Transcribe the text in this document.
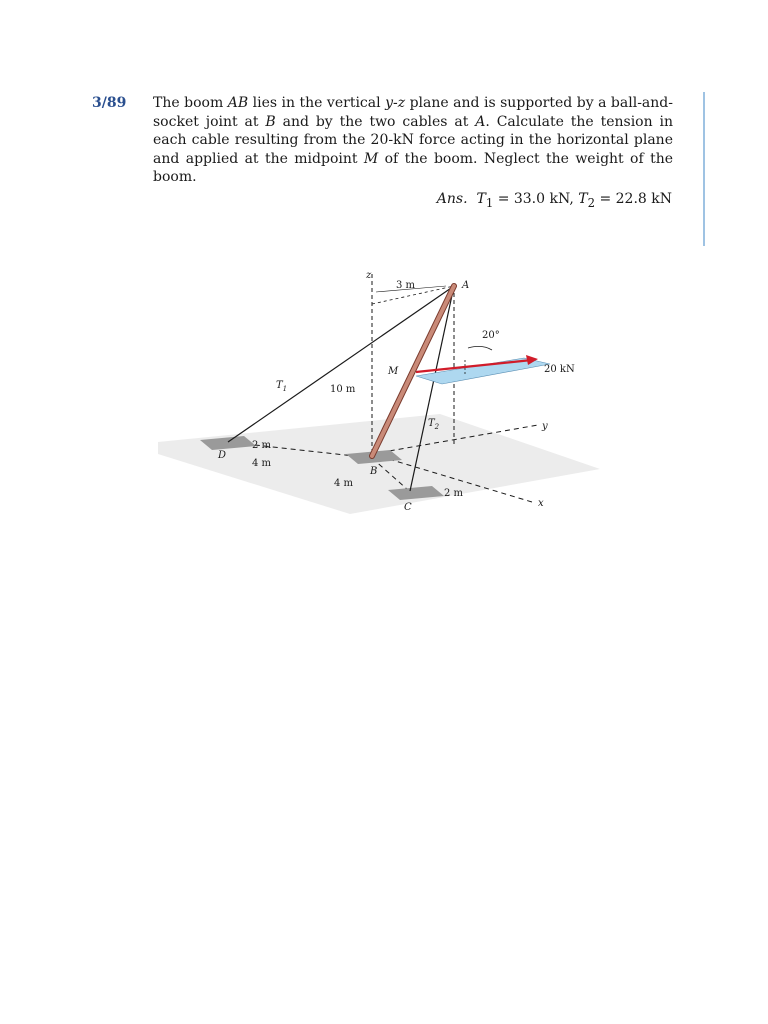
3/89 The boom AB lies in the vertical y-z plane and is supported by a ball-and-socket joint at B and by the two cables at A. Calculate the tension in each cable resulting from the 20-kN force acting in the horizontal plane and applied at the midpoint M of the boom. Neglect the weight of the boom.
Ans. $T_1 = 33.0$ kN, $T_2 = 22.8$ kN
z
y
x
A
B
C
D
M
3 m
10 m
2 m
4 m
4 m
2 m
20°
20 kN
$T_1$
$T_2$
